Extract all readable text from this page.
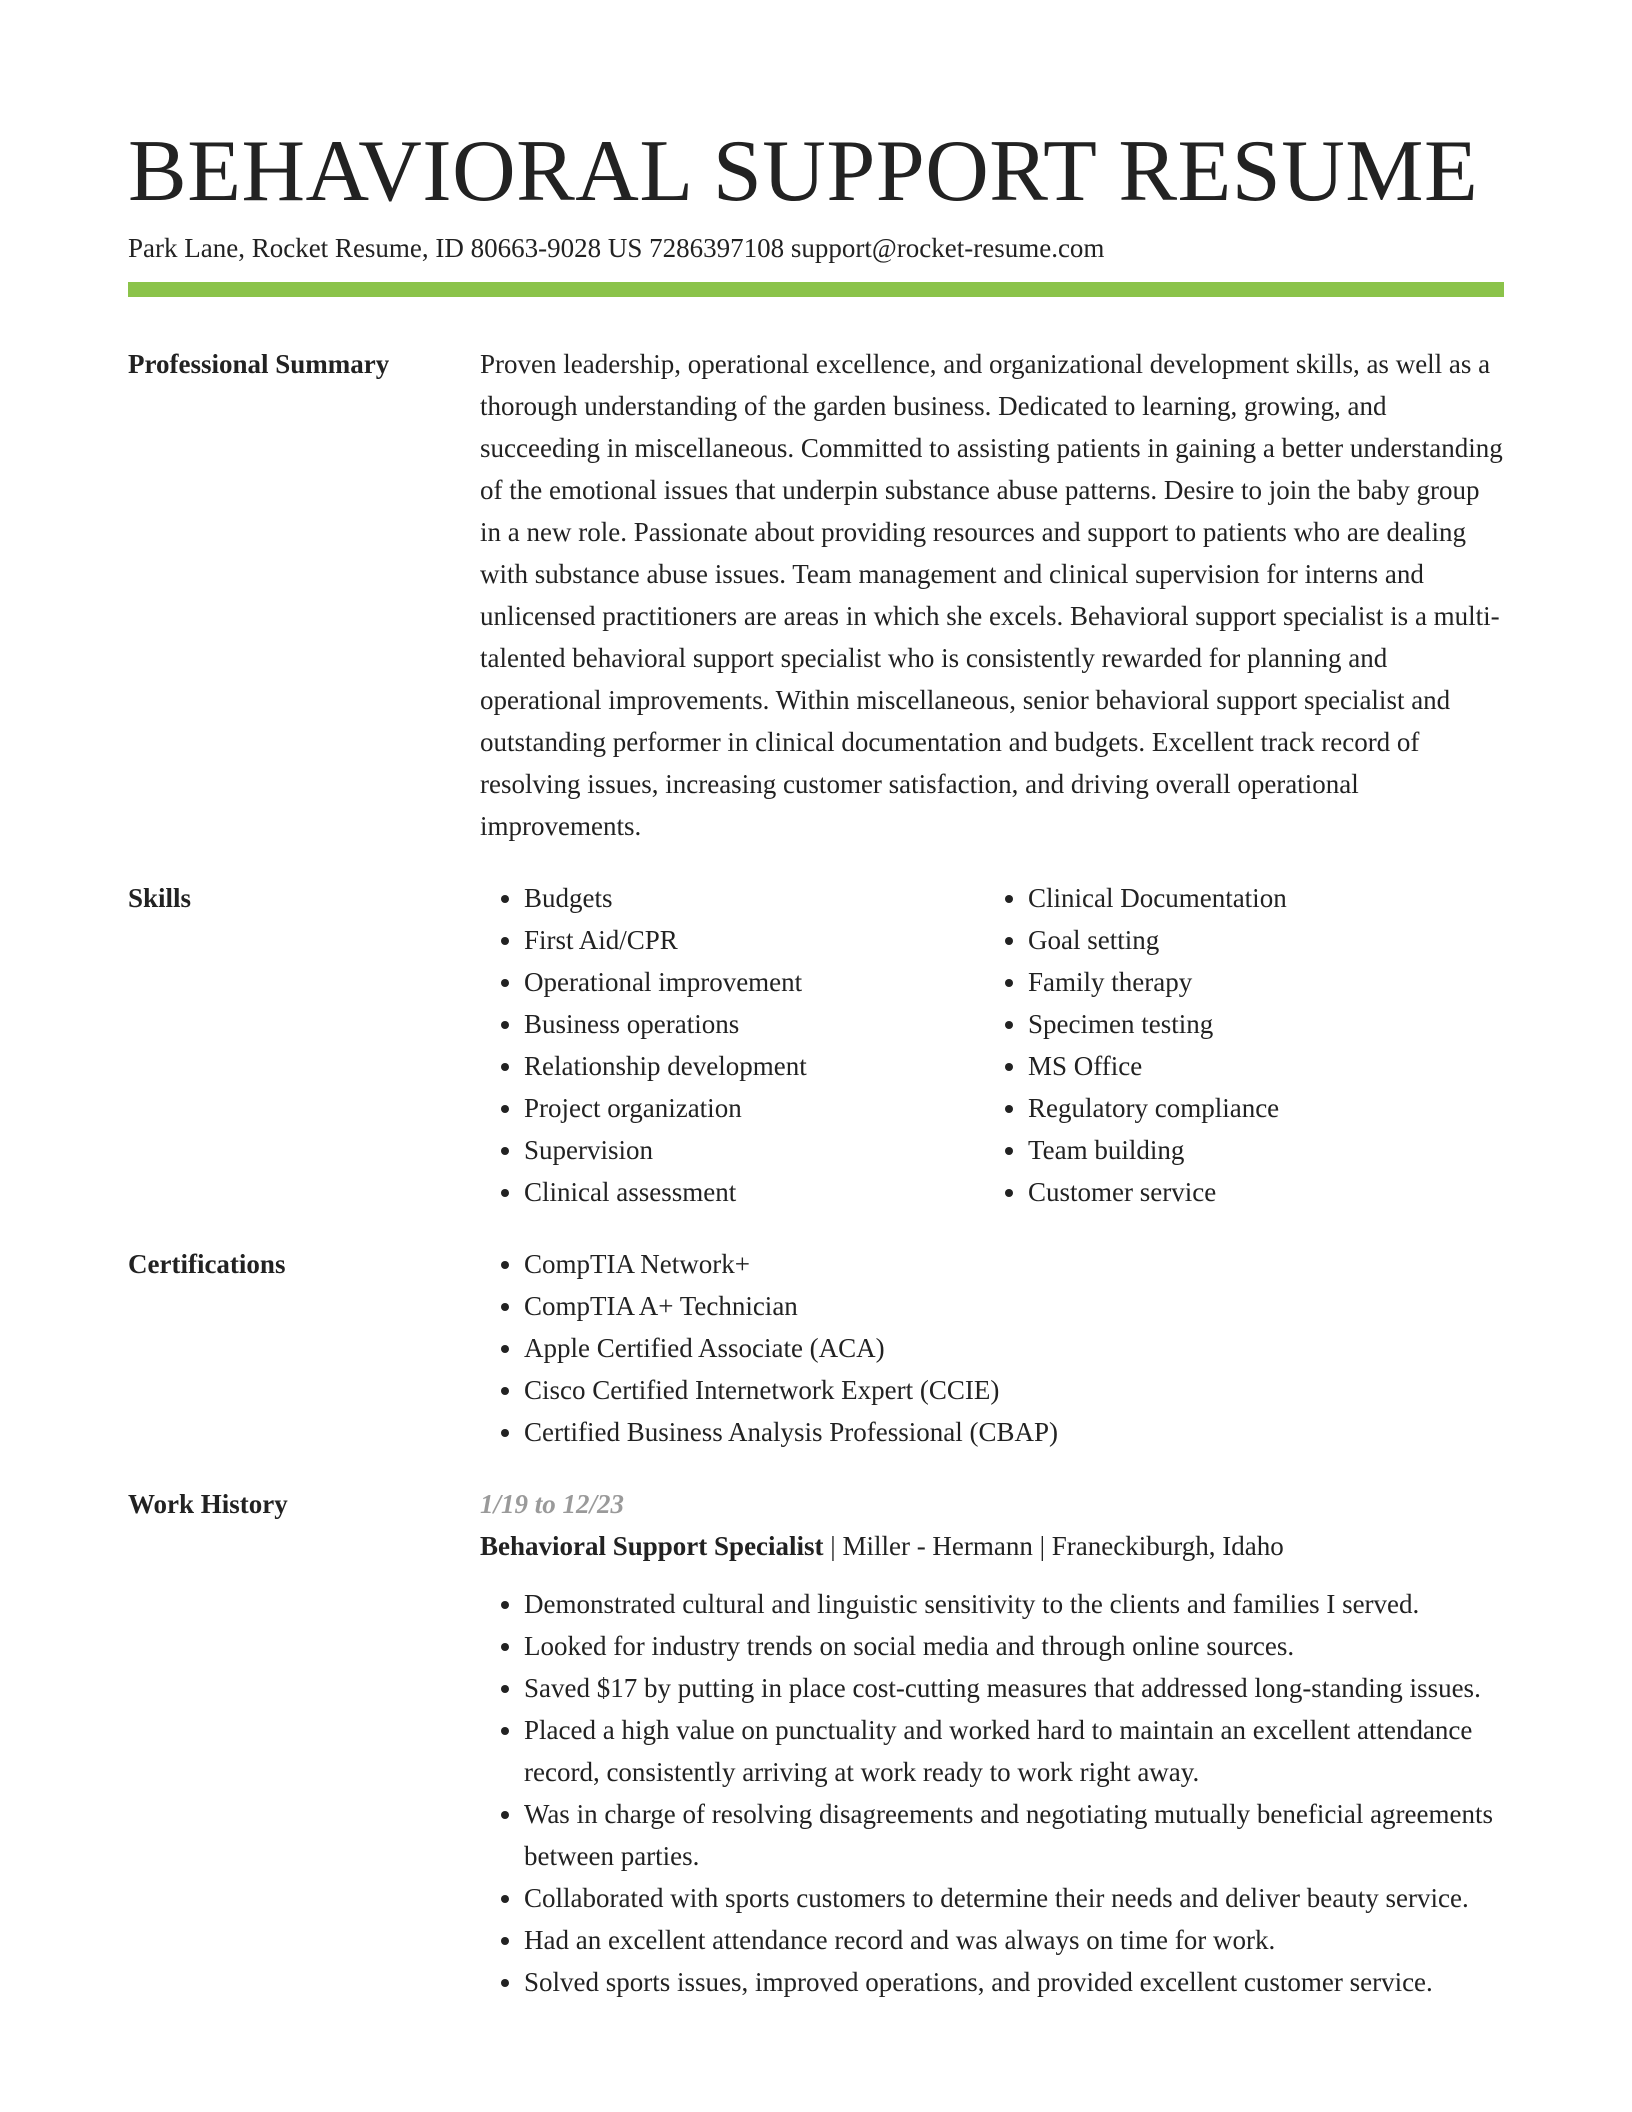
BEHAVIORAL SUPPORT RESUME
Park Lane, Rocket Resume, ID 80663-9028 US 7286397108 support@rocket-resume.com
Professional Summary	Proven leadership, operational excellence, and organizational development skills, as well as a thorough understanding of the garden business. Dedicated to learning, growing, and succeeding in miscellaneous. Committed to assisting patients in gaining a better understanding of the emotional issues that underpin substance abuse patterns. Desire to join the baby group in a new role. Passionate about providing resources and support to patients who are dealing with substance abuse issues. Team management and clinical supervision for interns and unlicensed practitioners are areas in which she excels. Behavioral support specialist is a multi-talented behavioral support specialist who is consistently rewarded for planning and operational improvements. Within miscellaneous, senior behavioral support specialist and outstanding performer in clinical documentation and budgets. Excellent track record of resolving issues, increasing customer satisfaction, and driving overall operational improvements.

Skills	• Budgets
• First Aid/CPR
• Operational improvement
• Business operations
• Relationship development
• Project organization
• Supervision
• Clinical assessment
• Clinical Documentation
• Goal setting
• Family therapy
• Specimen testing
• MS Office
• Regulatory compliance
• Team building
• Customer service
Certifications	• CompTIA Network+
• CompTIA A+ Technician
• Apple Certified Associate (ACA)
• Cisco Certified Internetwork Expert (CCIE)
• Certified Business Analysis Professional (CBAP)
Work History	1/19 to 12/23
Behavioral Support Specialist | Miller - Hermann | Franeckiburgh, Idaho
• Demonstrated cultural and linguistic sensitivity to the clients and families I served.
• Looked for industry trends on social media and through online sources.
• Saved $17 by putting in place cost-cutting measures that addressed long-standing issues.
• Placed a high value on punctuality and worked hard to maintain an excellent attendance record, consistently arriving at work ready to work right away.
• Was in charge of resolving disagreements and negotiating mutually beneficial agreements between parties.
• Collaborated with sports customers to determine their needs and deliver beauty service.
• Had an excellent attendance record and was always on time for work.
• Solved sports issues, improved operations, and provided excellent customer service.
